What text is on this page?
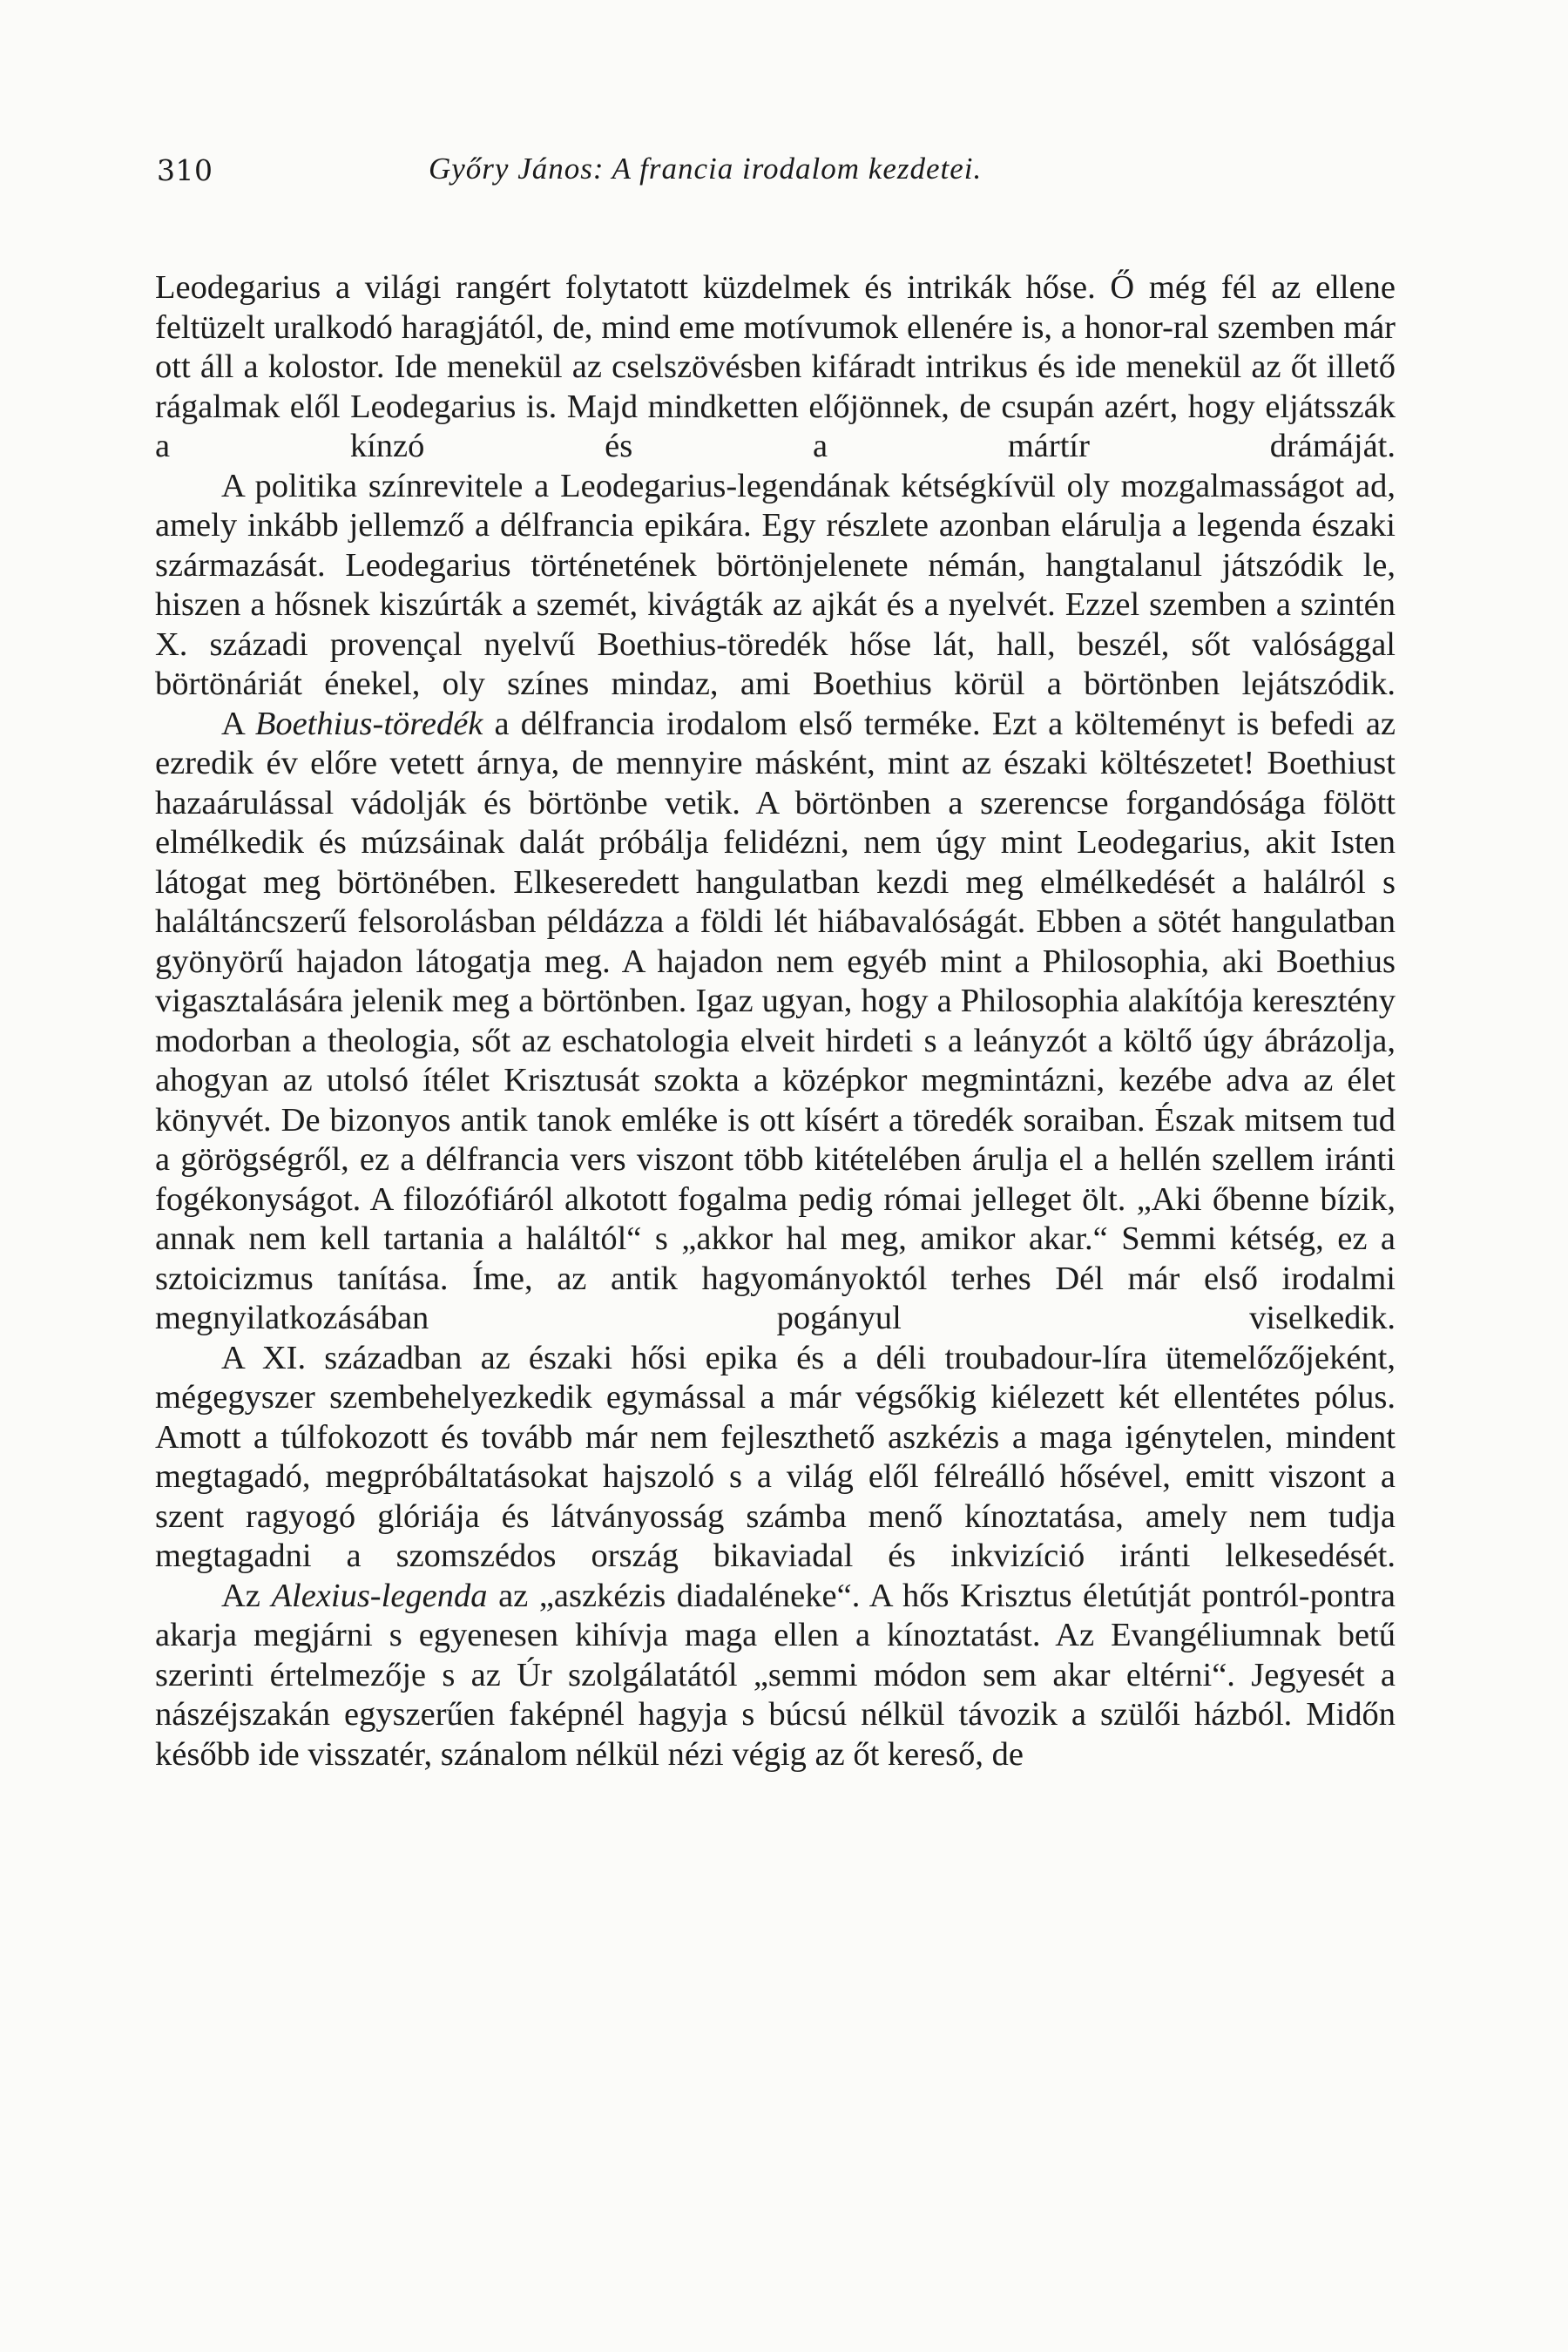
310	Győry János: A francia irodalom kezdetei.

Leodegarius a világi rangért folytatott küzdelmek és intrikák hőse. Ő még fél az ellene feltüzelt uralkodó haragjától, de, mind eme motívumok ellenére is, a honor-ral szemben már ott áll a kolostor. Ide menekül az cselszövésben kifáradt intrikus és ide menekül az őt illető rágalmak elől Leodegarius is. Majd mindketten előjönnek, de csupán azért, hogy eljátsszák a kínzó és a mártír drámáját.

A politika színrevitele a Leodegarius-legendának kétségkívül oly mozgalmasságot ad, amely inkább jellemző a délfrancia epikára. Egy részlete azonban elárulja a legenda északi származását. Leodegarius történetének börtönjelenete némán, hangtalanul játszódik le, hiszen a hősnek kiszúrták a szemét, kivágták az ajkát és a nyelvét. Ezzel szemben a szintén X. századi provençal nyelvű Boethius-töredék hőse lát, hall, beszél, sőt valósággal börtönáriát énekel, oly színes mindaz, ami Boethius körül a börtönben lejátszódik.

A Boethius-töredék a délfrancia irodalom első terméke. Ezt a költeményt is befedi az ezredik év előre vetett árnya, de mennyire másként, mint az északi költészetet! Boethiust hazaárulással vádolják és börtönbe vetik. A börtönben a szerencse forgandósága fölött elmélkedik és múzsáinak dalát próbálja felidézni, nem úgy mint Leodegarius, akit Isten látogat meg börtönében. Elkeseredett hangulatban kezdi meg elmélkedését a halálról s haláltáncszerű felsorolásban példázza a földi lét hiábavalóságát. Ebben a sötét hangulatban gyönyörű hajadon látogatja meg. A hajadon nem egyéb mint a Philosophia, aki Boethius vigasztalására jelenik meg a börtönben. Igaz ugyan, hogy a Philosophia alakítója keresztény modorban a theologia, sőt az eschatologia elveit hirdeti s a leányzót a költő úgy ábrázolja, ahogyan az utolsó ítélet Krisztusát szokta a középkor megmintázni, kezébe adva az élet könyvét. De bizonyos antik tanok emléke is ott kísért a töredék soraiban. Észak mitsem tud a görögségről, ez a délfrancia vers viszont több kitételében árulja el a hellén szellem iránti fogékonyságot. A filozófiáról alkotott fogalma pedig római jelleget ölt. „Aki őbenne bízik, annak nem kell tartania a haláltól“ s „akkor hal meg, amikor akar.“ Semmi kétség, ez a sztoicizmus tanítása. Íme, az antik hagyományoktól terhes Dél már első irodalmi megnyilatkozásában pogányul viselkedik.

A XI. században az északi hősi epika és a déli troubadour-líra ütemelőzőjeként, mégegyszer szembehelyezkedik egymással a már végsőkig kiélezett két ellentétes pólus. Amott a túlfokozott és tovább már nem fejleszthető aszkézis a maga igénytelen, mindent megtagadó, megpróbáltatásokat hajszoló s a világ elől félreálló hősével, emitt viszont a szent ragyogó glóriája és látványosság számba menő kínoztatása, amely nem tudja megtagadni a szomszédos ország bikaviadal és inkvizíció iránti lelkesedését.

Az Alexius-legenda az „aszkézis diadaléneke“. A hős Krisztus életútját pontról-pontra akarja megjárni s egyenesen kihívja maga ellen a kínoztatást. Az Evangéliumnak betű szerinti értelmezője s az Úr szolgálatától „semmi módon sem akar eltérni“. Jegyesét a nászéjszakán egyszerűen faképnél hagyja s búcsú nélkül távozik a szülői házból. Midőn később ide visszatér, szánalom nélkül nézi végig az őt kereső, de
